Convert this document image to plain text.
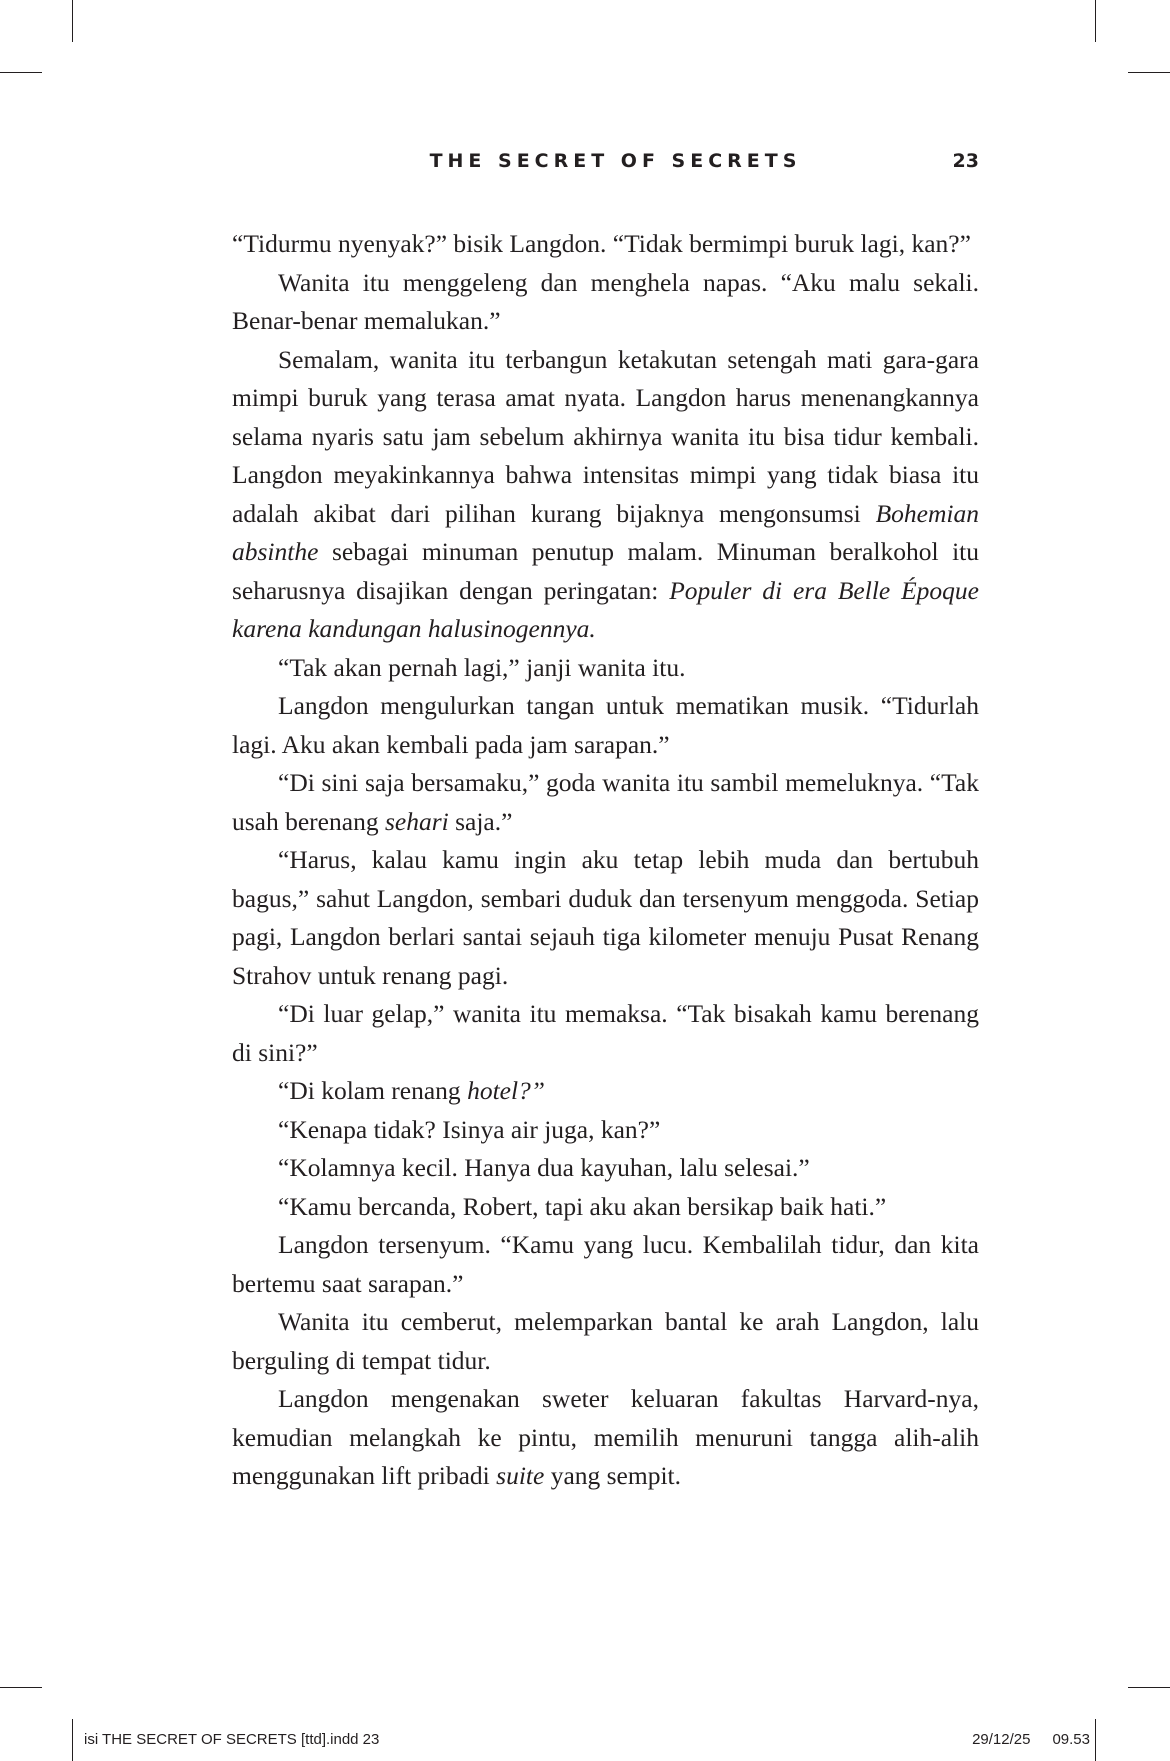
THE SECRET OF SECRETS	23

“Tidurmu nyenyak?” bisik Langdon. “Tidak bermimpi buruk lagi, kan?”

Wanita itu menggeleng dan menghela napas. “Aku malu sekali. Benar-benar memalukan.”

Semalam, wanita itu terbangun ketakutan setengah mati gara-gara mimpi buruk yang terasa amat nyata. Langdon harus menenangkannya selama nyaris satu jam sebelum akhirnya wanita itu bisa tidur kembali. Langdon meyakinkannya bahwa intensitas mimpi yang tidak biasa itu adalah akibat dari pilihan kurang bijaknya mengonsumsi Bohemian absinthe sebagai minuman penutup malam. Minuman beralkohol itu seharusnya disajikan dengan peringatan: Populer di era Belle Époque karena kandungan halusinogennya.

“Tak akan pernah lagi,” janji wanita itu.

Langdon mengulurkan tangan untuk mematikan musik. “Tidurlah lagi. Aku akan kembali pada jam sarapan.”

“Di sini saja bersamaku,” goda wanita itu sambil memeluknya. “Tak usah berenang sehari saja.”

“Harus, kalau kamu ingin aku tetap lebih muda dan bertubuh bagus,” sahut Langdon, sembari duduk dan tersenyum menggoda. Setiap pagi, Langdon berlari santai sejauh tiga kilometer menuju Pusat Renang Strahov untuk renang pagi.

“Di luar gelap,” wanita itu memaksa. “Tak bisakah kamu berenang di sini?”

“Di kolam renang hotel?”

“Kenapa tidak? Isinya air juga, kan?”

“Kolamnya kecil. Hanya dua kayuhan, lalu selesai.”

“Kamu bercanda, Robert, tapi aku akan bersikap baik hati.”

Langdon tersenyum. “Kamu yang lucu. Kembalilah tidur, dan kita bertemu saat sarapan.”

Wanita itu cemberut, melemparkan bantal ke arah Langdon, lalu berguling di tempat tidur.

Langdon mengenakan sweter keluaran fakultas Harvard-nya, kemudian melangkah ke pintu, memilih menuruni tangga alih-alih menggunakan lift pribadi suite yang sempit.

isi THE SECRET OF SECRETS [ttd].indd 23	29/12/25 09.53
